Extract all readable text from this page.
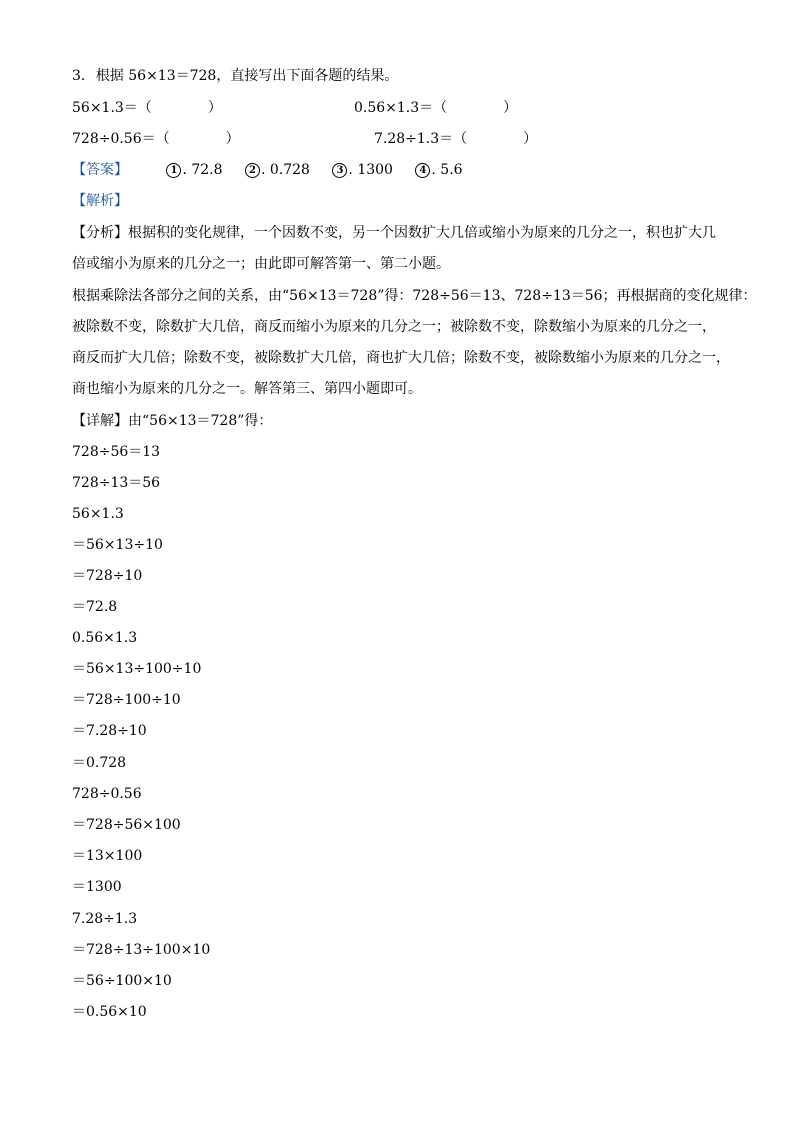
3. 根据 56×13＝728，直接写出下面各题的结果。
56×1.3＝（	）	0.56×1.3＝（	）
728÷0.56＝（	）	7.28÷1.3＝（	）
【答案】	1 . 72.8	2 . 0.728	3 . 1300	4 . 5.6
【解析】
【分析】根据积的变化规律，一个因数不变，另一个因数扩大几倍或缩小为原来的几分之一，积也扩大几
倍或缩小为原来的几分之一；由此即可解答第一、第二小题。
根据乘除法各部分之间的关系，由“56×13＝728”得：728÷56＝13、728÷13＝56；再根据商的变化规律：
被除数不变，除数扩大几倍，商反而缩小为原来的几分之一；被除数不变，除数缩小为原来的几分之一，
商反而扩大几倍；除数不变，被除数扩大几倍，商也扩大几倍；除数不变，被除数缩小为原来的几分之一，
商也缩小为原来的几分之一。解答第三、第四小题即可。
【详解】由“56×13＝728”得：
728÷56＝13
728÷13＝56
56×1.3
＝56×13÷10
＝728÷10
＝72.8
0.56×1.3
＝56×13÷100÷10
＝728÷100÷10
＝7.28÷10
＝0.728
728÷0.56
＝728÷56×100
＝13×100
＝1300
7.28÷1.3
＝728÷13÷100×10
＝56÷100×10
＝0.56×10
